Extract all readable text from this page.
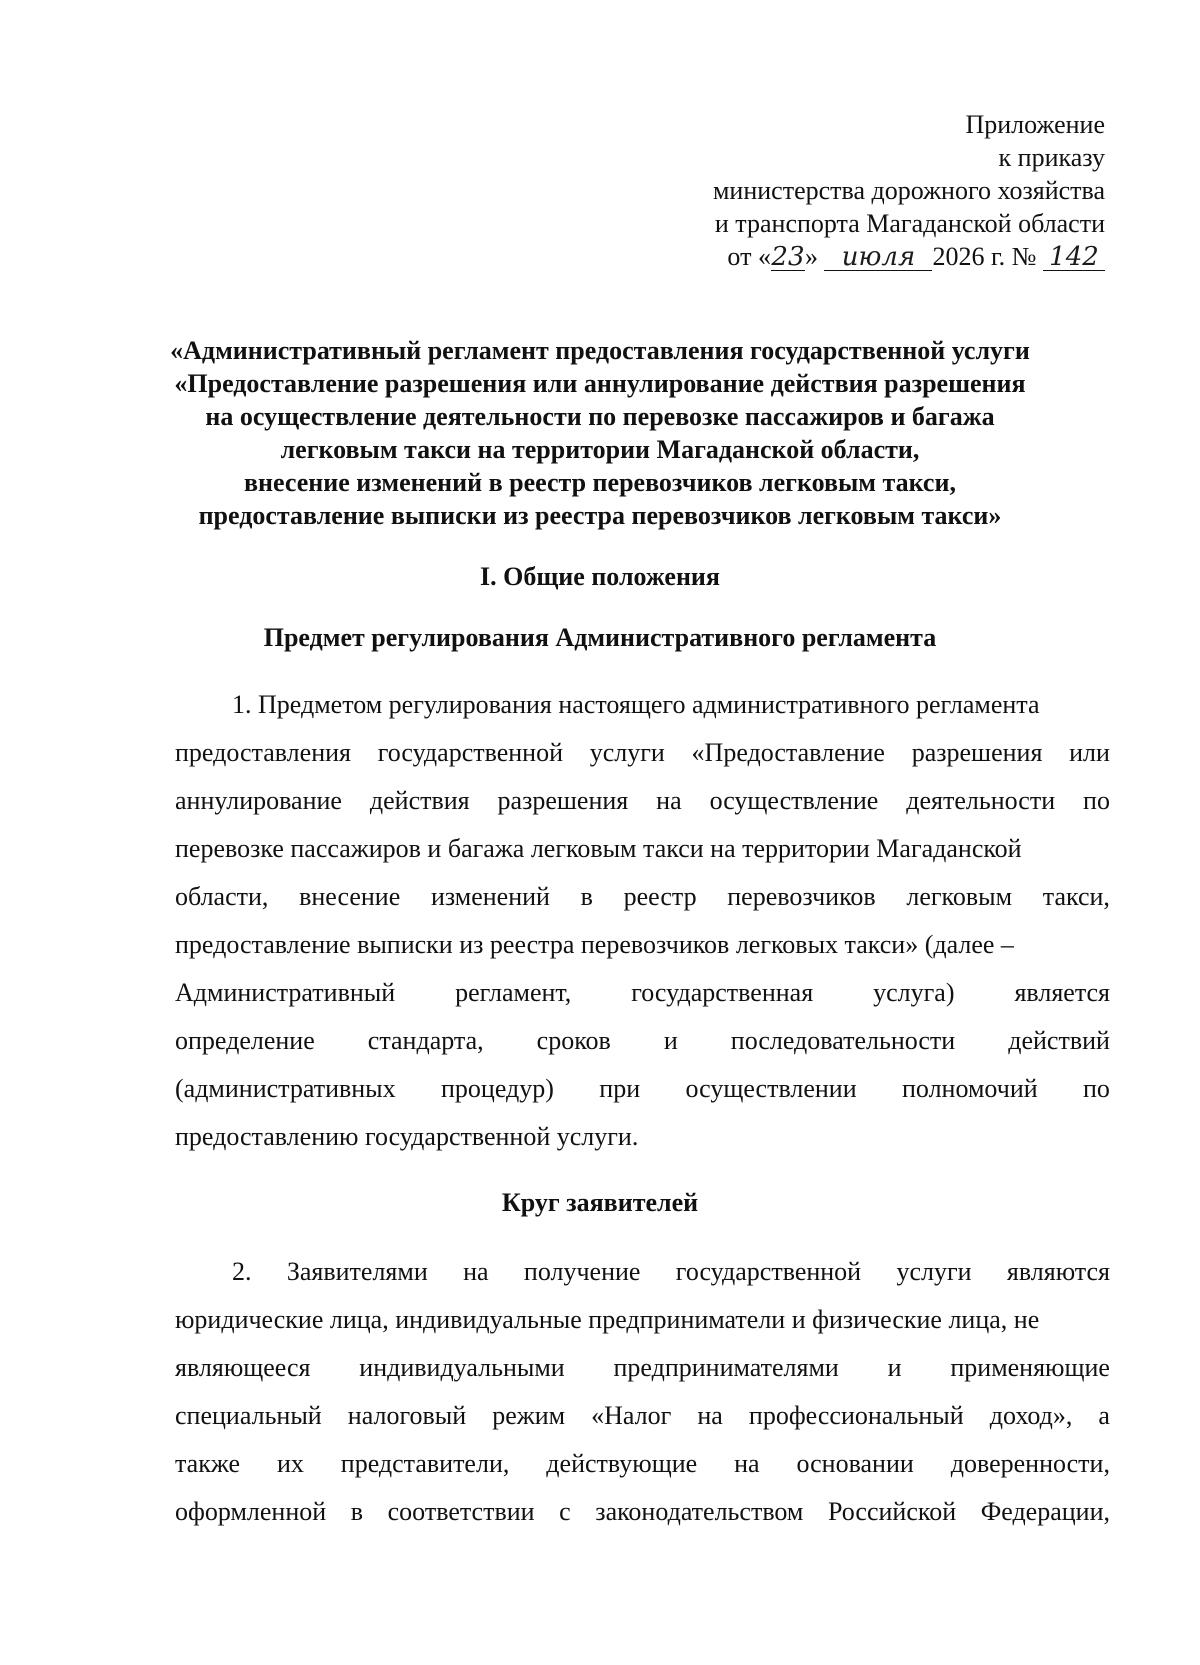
Приложение
к приказу
министерства дорожного хозяйства
и транспорта Магаданской области
от «23» июля 2026 г. № 142
«Административный регламент предоставления государственной услуги
«Предоставление разрешения или аннулирование действия разрешения
на осуществление деятельности по перевозке пассажиров и багажа
легковым такси на территории Магаданской области,
внесение изменений в реестр перевозчиков легковым такси,
предоставление выписки из реестра перевозчиков легковым такси»
I. Общие положения
Предмет регулирования Административного регламента
1. Предметом регулирования настоящего административного регламента
предоставления государственной услуги «Предоставление разрешения или
аннулирование действия разрешения на осуществление деятельности по
перевозке пассажиров и багажа легковым такси на территории Магаданской
области, внесение изменений в реестр перевозчиков легковым такси,
предоставление выписки из реестра перевозчиков легковых такси» (далее –
Административный регламент, государственная услуга) является
определение стандарта, сроков и последовательности действий
(административных процедур) при осуществлении полномочий по
предоставлению государственной услуги.
Круг заявителей
2. Заявителями на получение государственной услуги являются
юридические лица, индивидуальные предприниматели и физические лица, не
являющееся индивидуальными предпринимателями и применяющие
специальный налоговый режим «Налог на профессиональный доход», а
также их представители, действующие на основании доверенности,
оформленной в соответствии с законодательством Российской Федерации,
